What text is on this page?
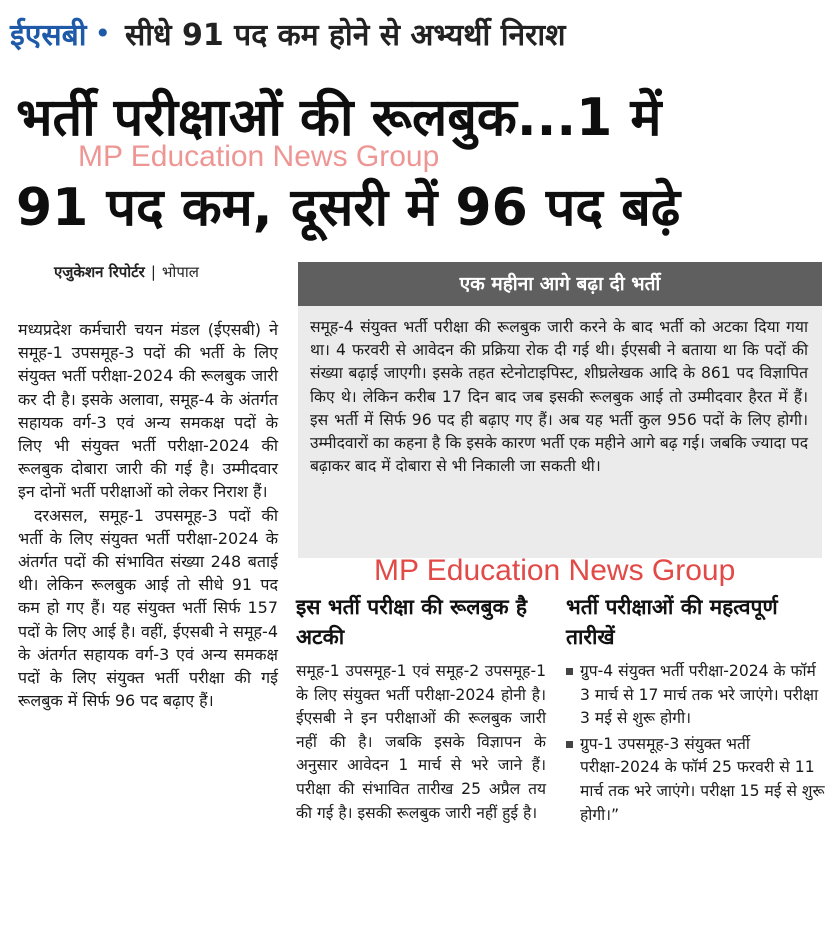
ईएसबी • सीधे 91 पद कम होने से अभ्यर्थी निराश
भर्ती परीक्षाओं की रूलबुक...1 में
91 पद कम, दूसरी में 96 पद बढ़े
MP Education News Group
एजुकेशन रिपोर्टर | भोपाल

मध्यप्रदेश कर्मचारी चयन मंडल (ईएसबी) ने समूह-1 उपसमूह-3 पदों की भर्ती के लिए संयुक्त भर्ती परीक्षा-2024 की रूलबुक जारी कर दी है। इसके अलावा, समूह-4 के अंतर्गत सहायक वर्ग-3 एवं अन्य समकक्ष पदों के लिए भी संयुक्त भर्ती परीक्षा-2024 की रूलबुक दोबारा जारी की गई है। उम्मीदवार इन दोनों भर्ती परीक्षाओं को लेकर निराश हैं।

दरअसल, समूह-1 उपसमूह-3 पदों की भर्ती के लिए संयुक्त भर्ती परीक्षा-2024 के अंतर्गत पदों की संभावित संख्या 248 बताई थी। लेकिन रूलबुक आई तो सीधे 91 पद कम हो गए हैं। यह संयुक्त भर्ती सिर्फ 157 पदों के लिए आई है। वहीं, ईएसबी ने समूह-4 के अंतर्गत सहायक वर्ग-3 एवं अन्य समकक्ष पदों के लिए संयुक्त भर्ती परीक्षा की गई रूलबुक में सिर्फ 96 पद बढ़ाए हैं।

एक महीना आगे बढ़ा दी भर्ती
समूह-4 संयुक्त भर्ती परीक्षा की रूलबुक जारी करने के बाद भर्ती को अटका दिया गया था। 4 फरवरी से आवेदन की प्रक्रिया रोक दी गई थी। ईएसबी ने बताया था कि पदों की संख्या बढ़ाई जाएगी। इसके तहत स्टेनोटाइपिस्ट, शीघ्रलेखक आदि के 861 पद विज्ञापित किए थे। लेकिन करीब 17 दिन बाद जब इसकी रूलबुक आई तो उम्मीदवार हैरत में हैं। इस भर्ती में सिर्फ 96 पद ही बढ़ाए गए हैं। अब यह भर्ती कुल 956 पदों के लिए होगी। उम्मीदवारों का कहना है कि इसके कारण भर्ती एक महीने आगे बढ़ गई। जबकि ज्यादा पद बढ़ाकर बाद में दोबारा से भी निकाली जा सकती थी।
MP Education News Group
इस भर्ती परीक्षा की रूलबुक है अटकी
समूह-1 उपसमूह-1 एवं समूह-2 उपसमूह-1 के लिए संयुक्त भर्ती परीक्षा-2024 होनी है। ईएसबी ने इन परीक्षाओं की रूलबुक जारी नहीं की है। जबकि इसके विज्ञापन के अनुसार आवेदन 1 मार्च से भरे जाने हैं। परीक्षा की संभावित तारीख 25 अप्रैल तय की गई है। इसकी रूलबुक जारी नहीं हुई है।
भर्ती परीक्षाओं की महत्वपूर्ण तारीखें
ग्रुप-4 संयुक्त भर्ती परीक्षा-2024 के फॉर्म 3 मार्च से 17 मार्च तक भरे जाएंगे। परीक्षा 3 मई से शुरू होगी।
ग्रुप-1 उपसमूह-3 संयुक्त भर्ती परीक्षा-2024 के फॉर्म 25 फरवरी से 11 मार्च तक भरे जाएंगे। परीक्षा 15 मई से शुरू होगी।”
